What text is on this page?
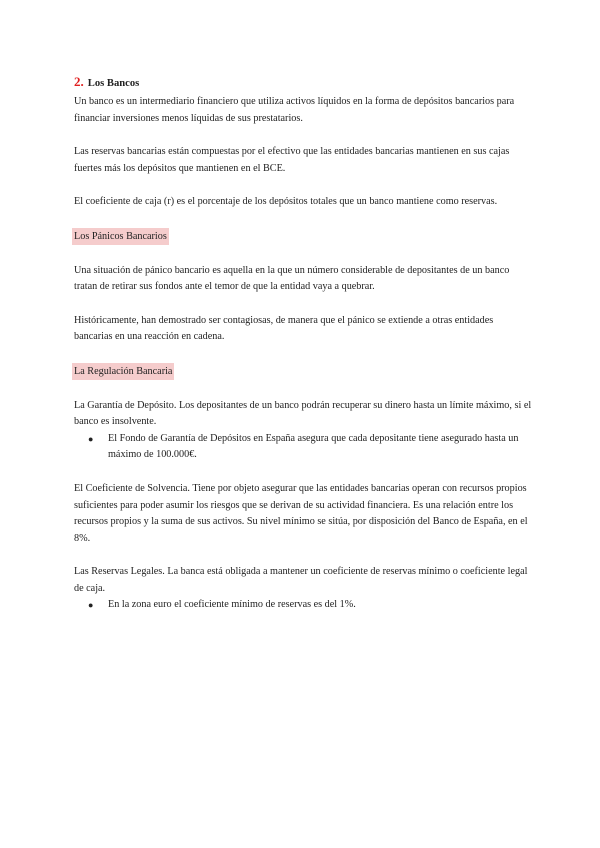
2. Los Bancos

Un banco es un intermediario financiero que utiliza activos líquidos en la forma de depósitos bancarios para financiar inversiones menos líquidas de sus prestatarios.

Las reservas bancarias están compuestas por el efectivo que las entidades bancarias mantienen en sus cajas fuertes más los depósitos que mantienen en el BCE.

El coeficiente de caja (r) es el porcentaje de los depósitos totales que un banco mantiene como reservas.

Los Pánicos Bancarios

Una situación de pánico bancario es aquella en la que un número considerable de depositantes de un banco tratan de retirar sus fondos ante el temor de que la entidad vaya a quebrar.

Históricamente, han demostrado ser contagiosas, de manera que el pánico se extiende a otras entidades bancarias en una reacción en cadena.

La Regulación Bancaria

La Garantía de Depósito. Los depositantes de un banco podrán recuperar su dinero hasta un límite máximo, si el banco es insolvente.

● El Fondo de Garantía de Depósitos en España asegura que cada depositante tiene asegurado hasta un máximo de 100.000€.

El Coeficiente de Solvencia. Tiene por objeto asegurar que las entidades bancarias operan con recursos propios suficientes para poder asumir los riesgos que se derivan de su actividad financiera. Es una relación entre los recursos propios y la suma de sus activos. Su nivel mínimo se sitúa, por disposición del Banco de España, en el 8%.

Las Reservas Legales. La banca está obligada a mantener un coeficiente de reservas mínimo o coeficiente legal de caja.

● En la zona euro el coeficiente mínimo de reservas es del 1%.
